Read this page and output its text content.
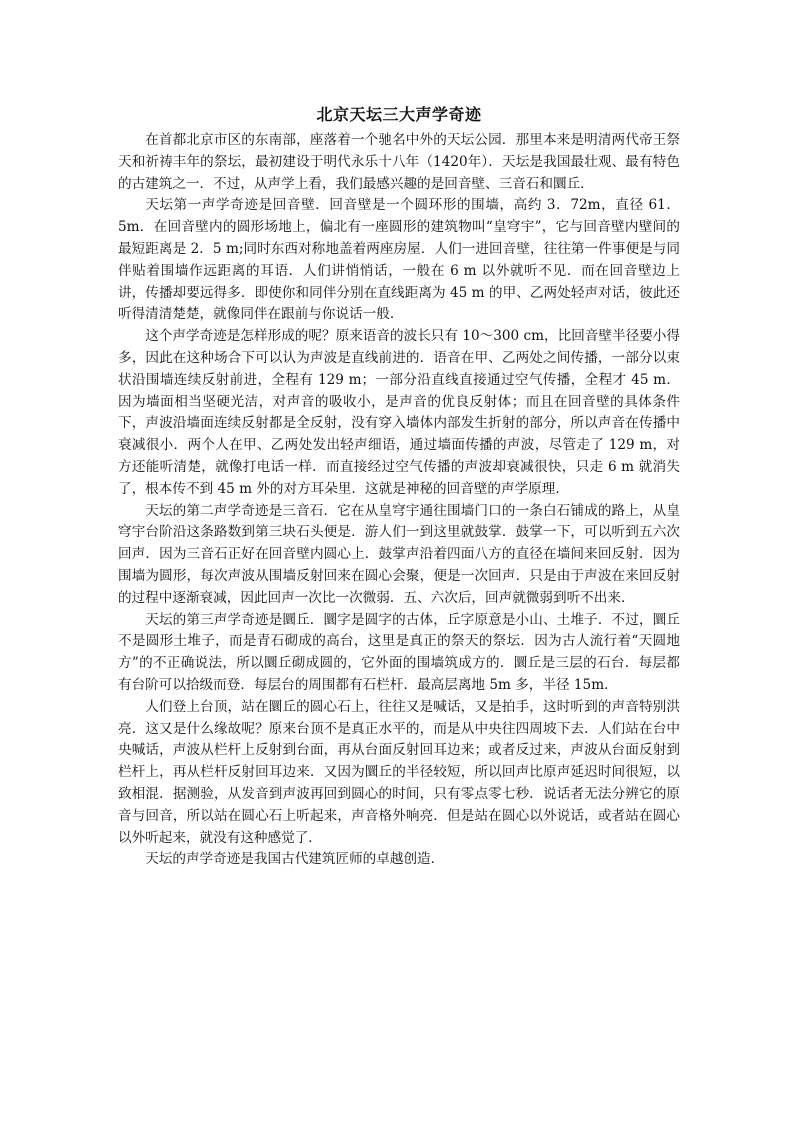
北京天坛三大声学奇迹

在首都北京市区的东南部，座落着一个驰名中外的天坛公园．那里本来是明清两代帝王祭天和祈祷丰年的祭坛，最初建设于明代永乐十八年（1420年）．天坛是我国最壮观、最有特色的古建筑之一．不过，从声学上看，我们最感兴趣的是回音壁、三音石和圜丘．

天坛第一声学奇迹是回音壁．回音壁是一个圆环形的围墙，高约 3．72m，直径 61．5m．在回音壁内的圆形场地上，偏北有一座圆形的建筑物叫“皇穹宇”，它与回音壁内壁间的最短距离是 2．5 m;同时东西对称地盖着两座房屋．人们一进回音壁，往往第一件事便是与同伴贴着围墙作远距离的耳语．人们讲悄悄话，一般在 6 m 以外就听不见．而在回音壁边上讲，传播却要远得多．即使你和同伴分别在直线距离为 45 m 的甲、乙两处轻声对话，彼此还听得清清楚楚，就像同伴在跟前与你说话一般．

这个声学奇迹是怎样形成的呢？原来语音的波长只有 10～300 cm，比回音壁半径要小得多，因此在这种场合下可以认为声波是直线前进的．语音在甲、乙两处之间传播，一部分以束状沿围墙连续反射前进，全程有 129 m；一部分沿直线直接通过空气传播，全程才 45 m．因为墙面相当坚硬光洁，对声音的吸收小，是声音的优良反射体；而且在回音壁的具体条件下，声波沿墙面连续反射都是全反射，没有穿入墙体内部发生折射的部分，所以声音在传播中衰减很小．两个人在甲、乙两处发出轻声细语，通过墙面传播的声波，尽管走了 129 m，对方还能听清楚，就像打电话一样．而直接经过空气传播的声波却衰减很快，只走 6 m 就消失了，根本传不到 45 m 外的对方耳朵里．这就是神秘的回音壁的声学原理．

天坛的第二声学奇迹是三音石．它在从皇穹宇通往围墙门口的一条白石铺成的路上，从皇穹宇台阶沿这条路数到第三块石头便是．游人们一到这里就鼓掌．鼓掌一下，可以听到五六次回声．因为三音石正好在回音壁内圆心上．鼓掌声沿着四面八方的直径在墙间来回反射．因为围墙为圆形，每次声波从围墙反射回来在圆心会聚，便是一次回声．只是由于声波在来回反射的过程中逐渐衰减，因此回声一次比一次微弱．五、六次后，回声就微弱到听不出来．

天坛的第三声学奇迹是圜丘．圜字是圆字的古体，丘字原意是小山、土堆子．不过，圜丘不是圆形土堆子，而是青石砌成的高台，这里是真正的祭天的祭坛．因为古人流行着“天圆地方”的不正确说法，所以圜丘砌成圆的，它外面的围墙筑成方的．圜丘是三层的石台．每层都有台阶可以拾级而登．每层台的周围都有石栏杆．最高层离地 5m 多，半径 15m．

人们登上台顶，站在圜丘的圆心石上，往往又是喊话，又是拍手，这时听到的声音特别洪亮．这又是什么缘故呢？原来台顶不是真正水平的，而是从中央往四周坡下去．人们站在台中央喊话，声波从栏杆上反射到台面，再从台面反射回耳边来；或者反过来，声波从台面反射到栏杆上，再从栏杆反射回耳边来．又因为圜丘的半径较短，所以回声比原声延迟时间很短，以致相混．据测验，从发音到声波再回到圆心的时间，只有零点零七秒．说话者无法分辨它的原音与回音，所以站在圆心石上听起来，声音格外响亮．但是站在圆心以外说话，或者站在圆心以外听起来，就没有这种感觉了．

天坛的声学奇迹是我国古代建筑匠师的卓越创造．
